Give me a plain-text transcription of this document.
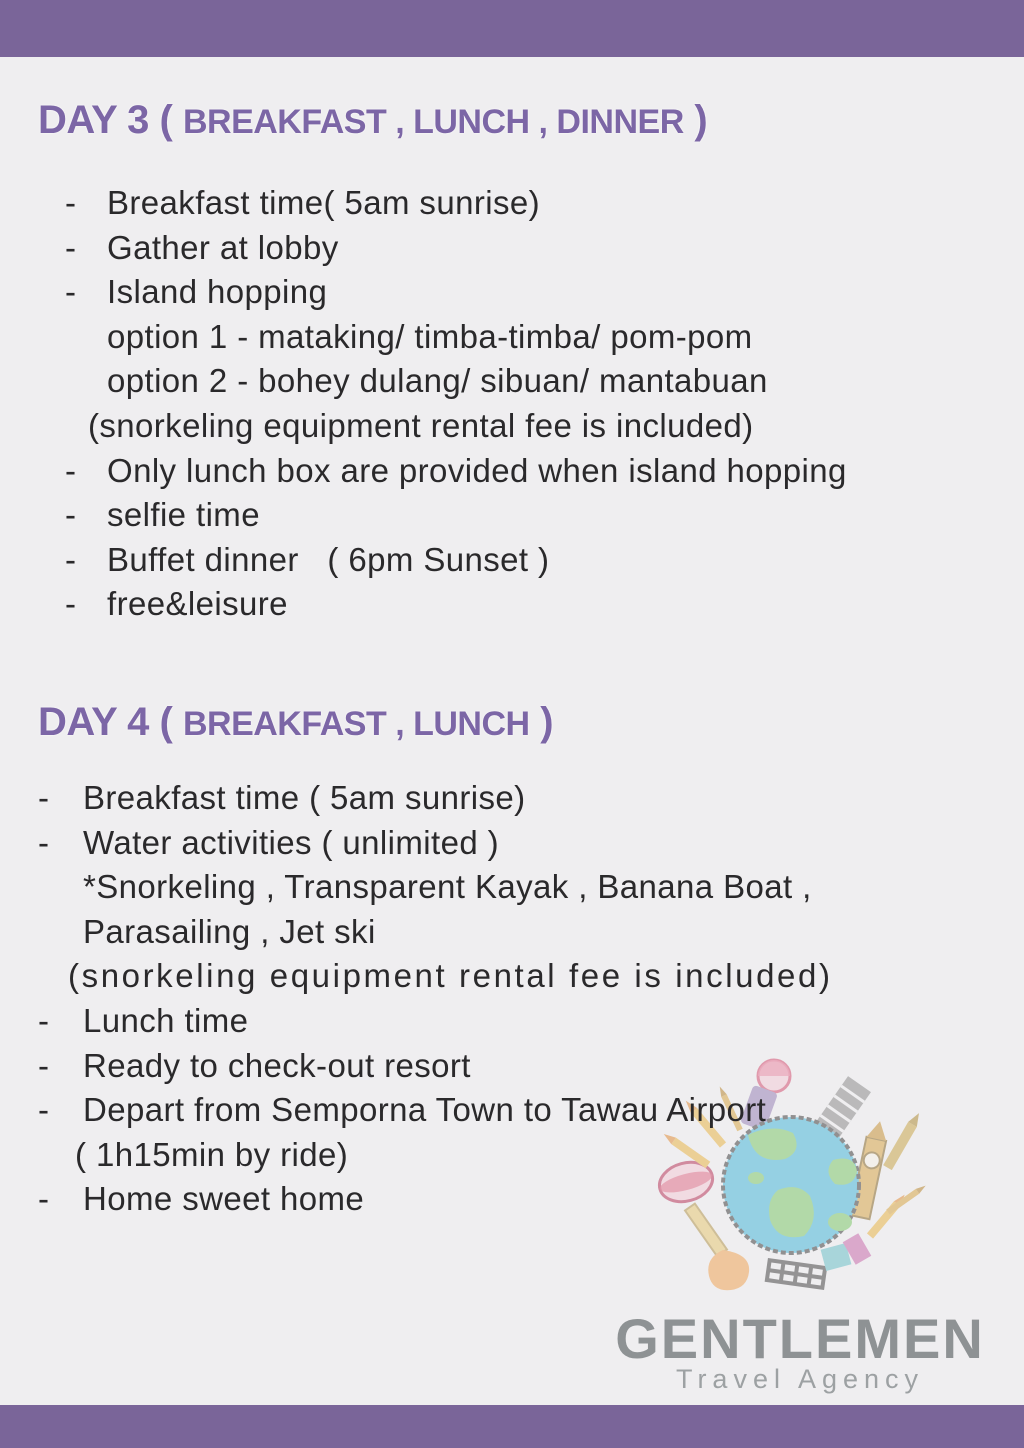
DAY 3 ( BREAKFAST , LUNCH , DINNER )
- Breakfast time( 5am sunrise)
- Gather at lobby
- Island hopping
option 1 - mataking/ timba-timba/ pom-pom
option 2 - bohey dulang/ sibuan/ mantabuan
(snorkeling equipment rental fee is included)
- Only lunch box are provided when island hopping
- selfie time
- Buffet dinner   ( 6pm Sunset )
- free&leisure
DAY 4 ( BREAKFAST , LUNCH )
-	Breakfast time ( 5am sunrise)
-	Water activities ( unlimited )
*Snorkeling , Transparent Kayak , Banana Boat ,
Parasailing , Jet ski
(snorkeling equipment rental fee is included)
-	Lunch time
-	Ready to check-out resort
-	Depart from Semporna Town to Tawau Airport
( 1h15min by ride)
-	Home sweet home
GENTLEMEN
Travel Agency
